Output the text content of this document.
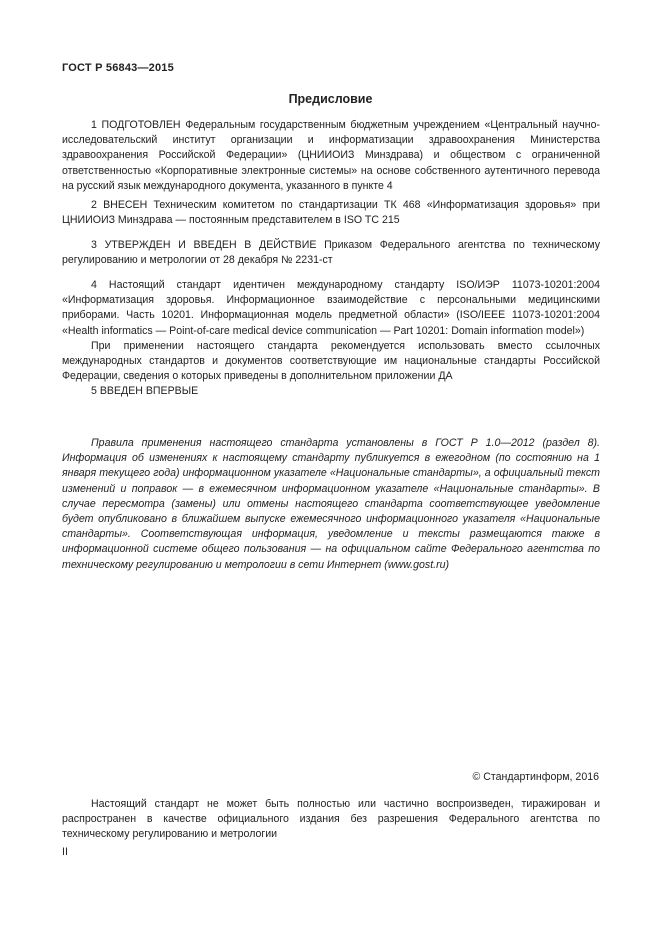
ГОСТ Р 56843—2015
Предисловие

1 ПОДГОТОВЛЕН Федеральным государственным бюджетным учреждением «Центральный научно-исследовательский институт организации и информатизации здравоохранения Министерства здравоохранения Российской Федерации» (ЦНИИОИЗ Минздрава) и обществом с ограниченной ответственностью «Корпоративные электронные системы» на основе собственного аутентичного перевода на русский язык международного документа, указанного в пункте 4

2 ВНЕСЕН Техническим комитетом по стандартизации ТК 468 «Информатизация здоровья» при ЦНИИОИЗ Минздрава — постоянным представителем в ISO TC 215

3 УТВЕРЖДЕН И ВВЕДЕН В ДЕЙСТВИЕ Приказом Федерального агентства по техническому регулированию и метрологии от 28 декабря № 2231-ст

4 Настоящий стандарт идентичен международному стандарту ISO/ИЭР 11073-10201:2004 «Информатизация здоровья. Информационное взаимодействие с персональными медицинскими приборами. Часть 10201. Информационная модель предметной области» (ISO/IEEE 11073-10201:2004 «Health informatics — Point-of-care medical device communication — Part 10201: Domain information model»)

При применении настоящего стандарта рекомендуется использовать вместо ссылочных международных стандартов и документов соответствующие им национальные стандарты Российской Федерации, сведения о которых приведены в дополнительном приложении ДА

5 ВВЕДЕН ВПЕРВЫЕ

Правила применения настоящего стандарта установлены в ГОСТ Р 1.0—2012 (раздел 8). Информация об изменениях к настоящему стандарту публикуется в ежегодном (по состоянию на 1 января текущего года) информационном указателе «Национальные стандарты», а официальный текст изменений и поправок — в ежемесячном информационном указателе «Национальные стандарты». В случае пересмотра (замены) или отмены настоящего стандарта соответствующее уведомление будет опубликовано в ближайшем выпуске ежемесячного информационного указателя «Национальные стандарты». Соответствующая информация, уведомление и тексты размещаются также в информационной системе общего пользования — на официальном сайте Федерального агентства по техническому регулированию и метрологии в сети Интернет (www.gost.ru)

© Стандартинформ, 2016

Настоящий стандарт не может быть полностью или частично воспроизведен, тиражирован и распространен в качестве официального издания без разрешения Федерального агентства по техническому регулированию и метрологии

II
